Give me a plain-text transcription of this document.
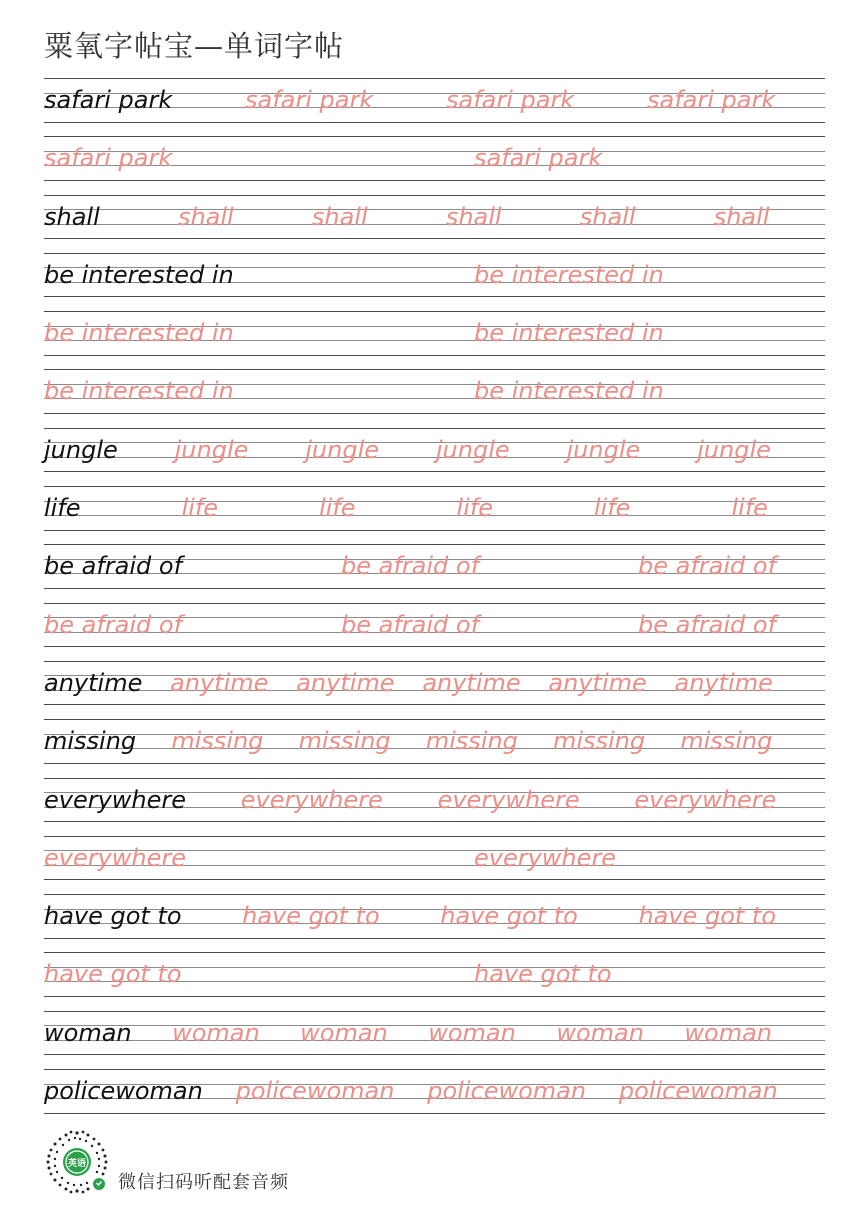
粟氧字帖宝—单词字帖
safari park	safari park	safari park	safari park
safari park	safari park
shall	shall	shall	shall	shall	shall
be interested in	be interested in
be interested in	be interested in
be interested in	be interested in
jungle jungle jungle jungle jungle jungle
life	life	life	life	life	life
be afraid of	be afraid of	be afraid of
be afraid of	be afraid of	be afraid of
anytime anytime anytime anytime anytime anytime
missing missing missing missing missing missing
everywhere everywhere everywhere everywhere
everywhere	everywhere
have got to	have got to	have got to	have got to
have got to	have got to
woman woman woman woman woman woman
policewoman policewoman policewoman policewoman
英语
微信扫码听配套音频
